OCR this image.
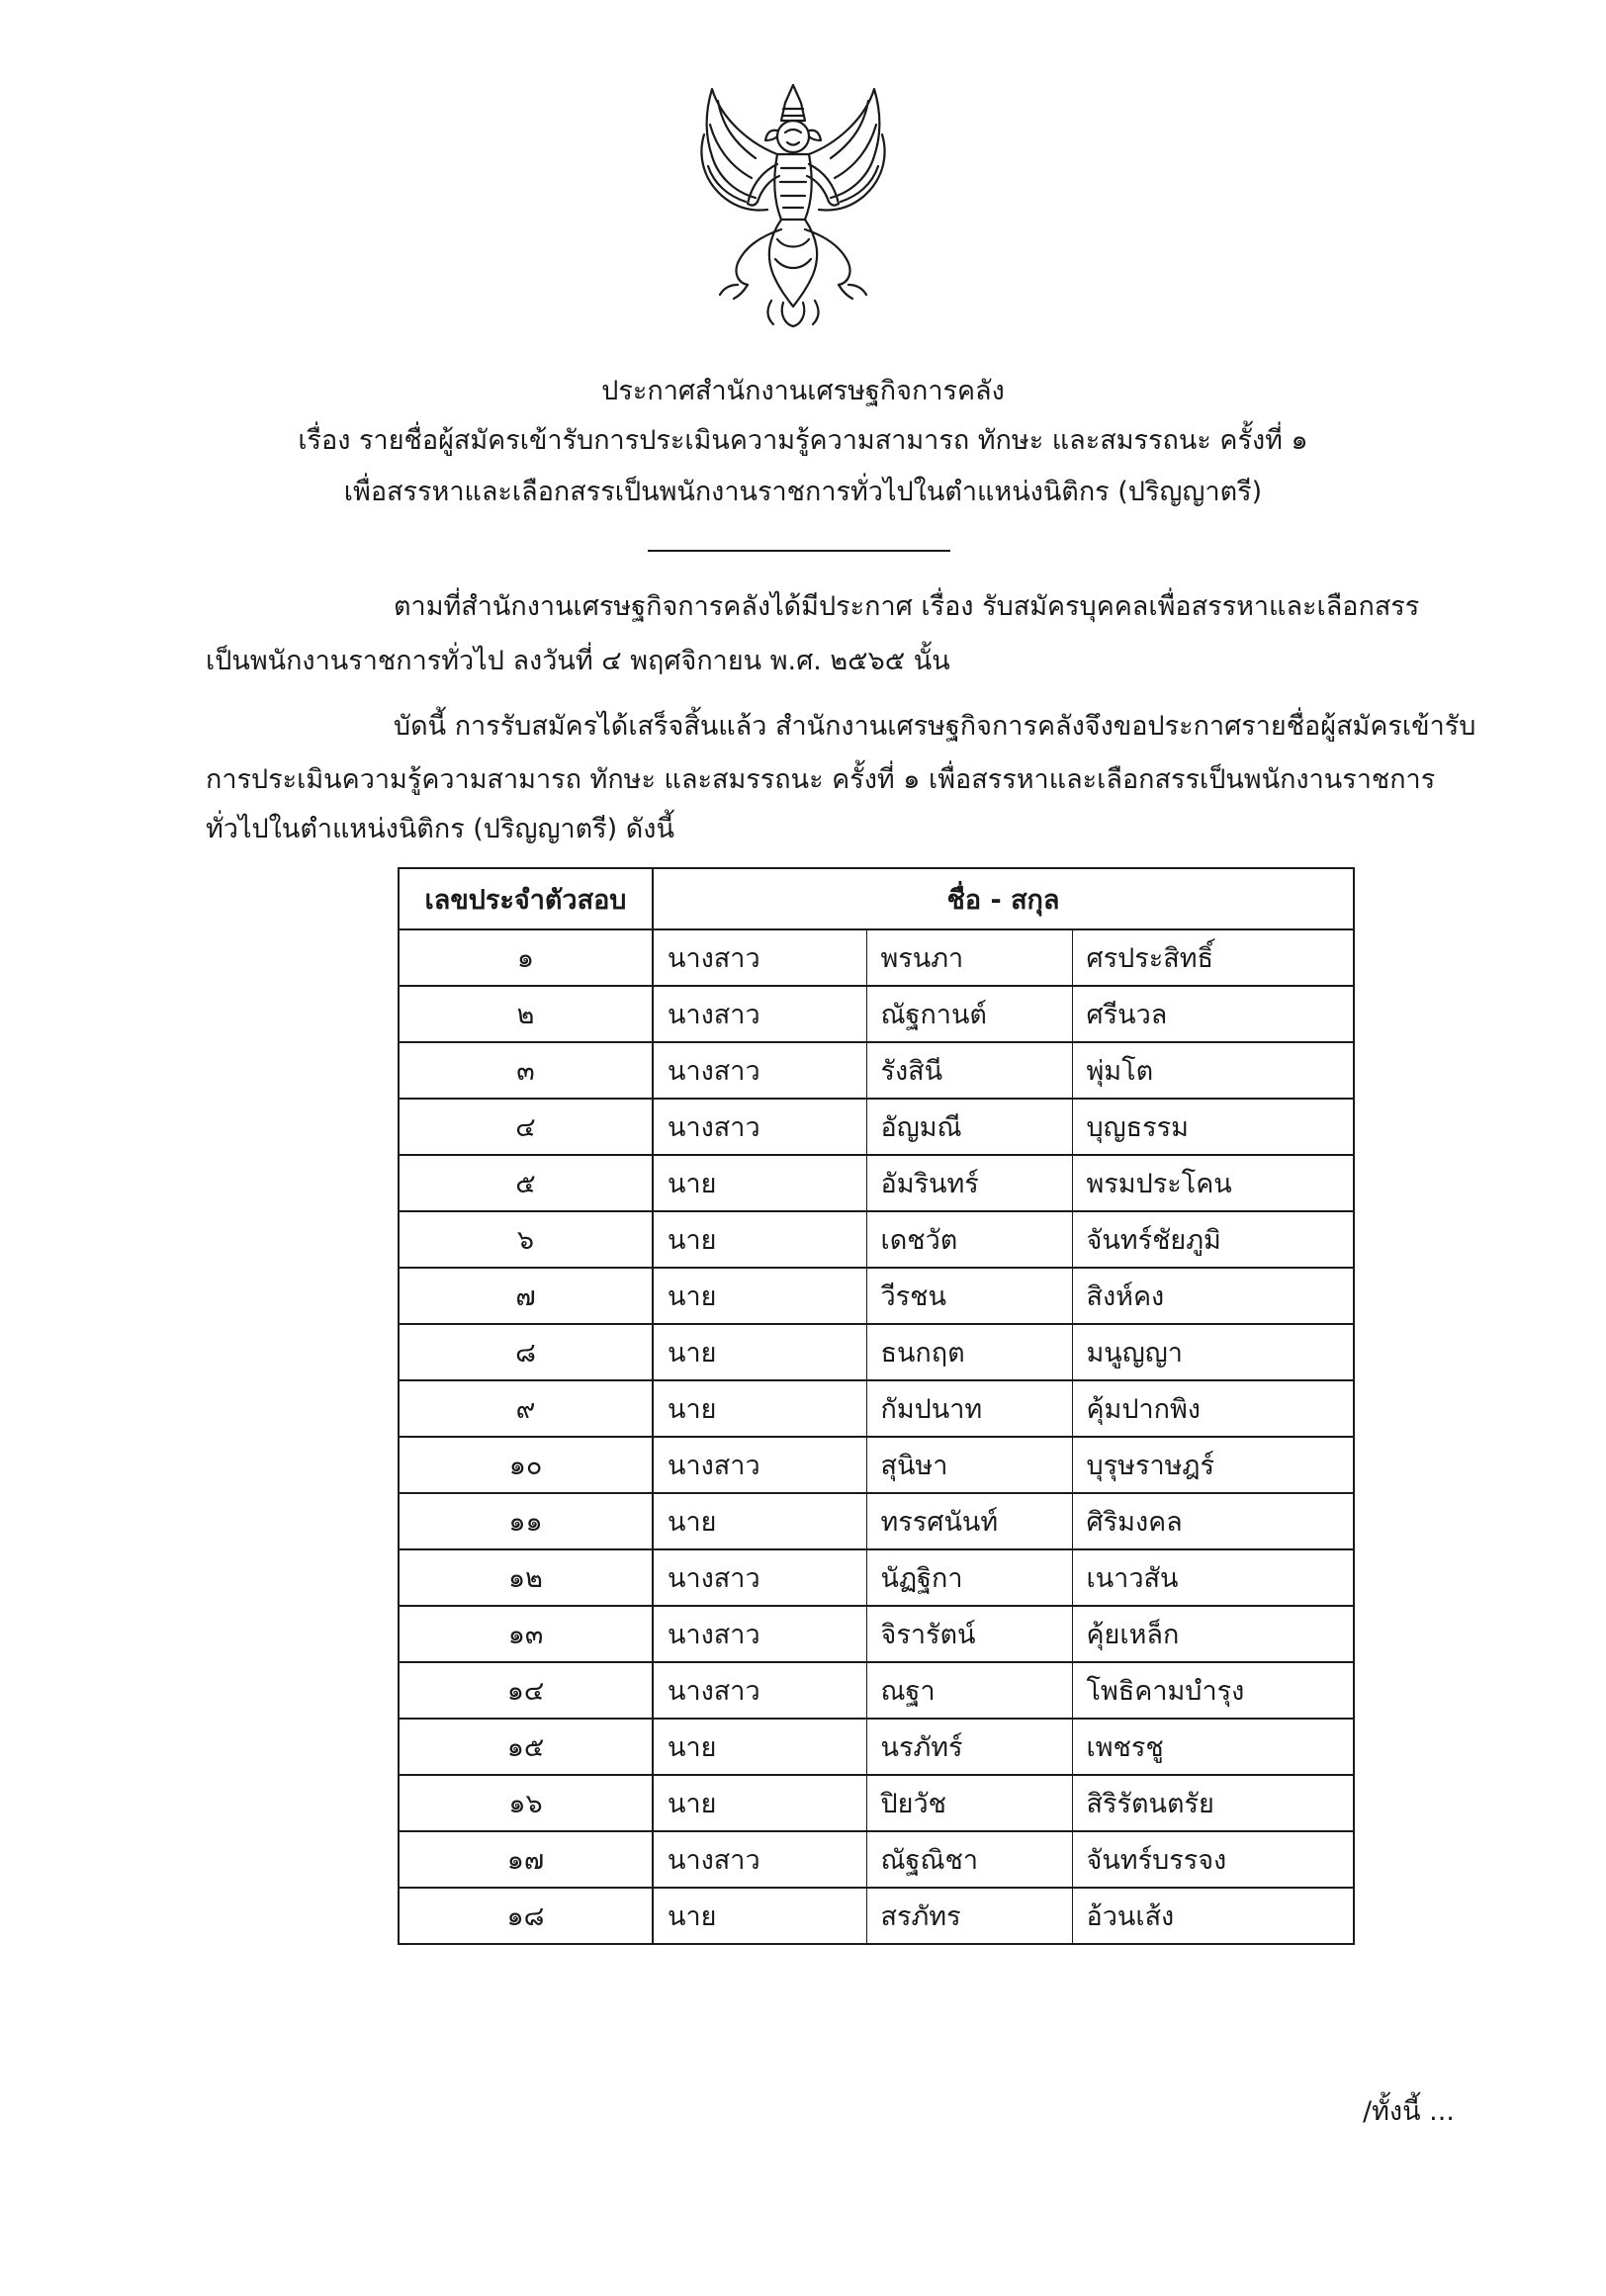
ประกาศสำนักงานเศรษฐกิจการคลัง
เรื่อง รายชื่อผู้สมัครเข้ารับการประเมินความรู้ความสามารถ ทักษะ และสมรรถนะ ครั้งที่ ๑
เพื่อสรรหาและเลือกสรรเป็นพนักงานราชการทั่วไปในตำแหน่งนิติกร (ปริญญาตรี)
ตามที่สำนักงานเศรษฐกิจการคลังได้มีประกาศ เรื่อง รับสมัครบุคคลเพื่อสรรหาและเลือกสรร
เป็นพนักงานราชการทั่วไป ลงวันที่ ๔ พฤศจิกายน พ.ศ. ๒๕๖๕ นั้น
บัดนี้ การรับสมัครได้เสร็จสิ้นแล้ว สำนักงานเศรษฐกิจการคลังจึงขอประกาศรายชื่อผู้สมัครเข้ารับ
การประเมินความรู้ความสามารถ ทักษะ และสมรรถนะ ครั้งที่ ๑ เพื่อสรรหาและเลือกสรรเป็นพนักงานราชการ
ทั่วไปในตำแหน่งนิติกร (ปริญญาตรี) ดังนี้
เลขประจำตัวสอบ	ชื่อ - สกุล		
๑	นางสาว	พรนภา	ศรประสิทธิ์
๒	นางสาว	ณัฐกานต์	ศรีนวล
๓	นางสาว	รังสินี	พุ่มโต
๔	นางสาว	อัญมณี	บุญธรรม
๕	นาย	อัมรินทร์	พรมประโคน
๖	นาย	เดชวัต	จันทร์ชัยภูมิ
๗	นาย	วีรชน	สิงห์คง
๘	นาย	ธนกฤต	มนูญญา
๙	นาย	กัมปนาท	คุ้มปากพิง
๑๐	นางสาว	สุนิษา	บุรุษราษฎร์
๑๑	นาย	ทรรศนันท์	ศิริมงคล
๑๒	นางสาว	นัฏฐิกา	เนาวสัน
๑๓	นางสาว	จิรารัตน์	คุ้ยเหล็ก
๑๔	นางสาว	ณฐา	โพธิคามบำรุง
๑๕	นาย	นรภัทร์	เพชรชู
๑๖	นาย	ปิยวัช	สิริรัตนตรัย
๑๗	นางสาว	ณัฐณิชา	จันทร์บรรจง
๑๘	นาย	สรภัทร	อ้วนเส้ง
/ทั้งนี้ ...
